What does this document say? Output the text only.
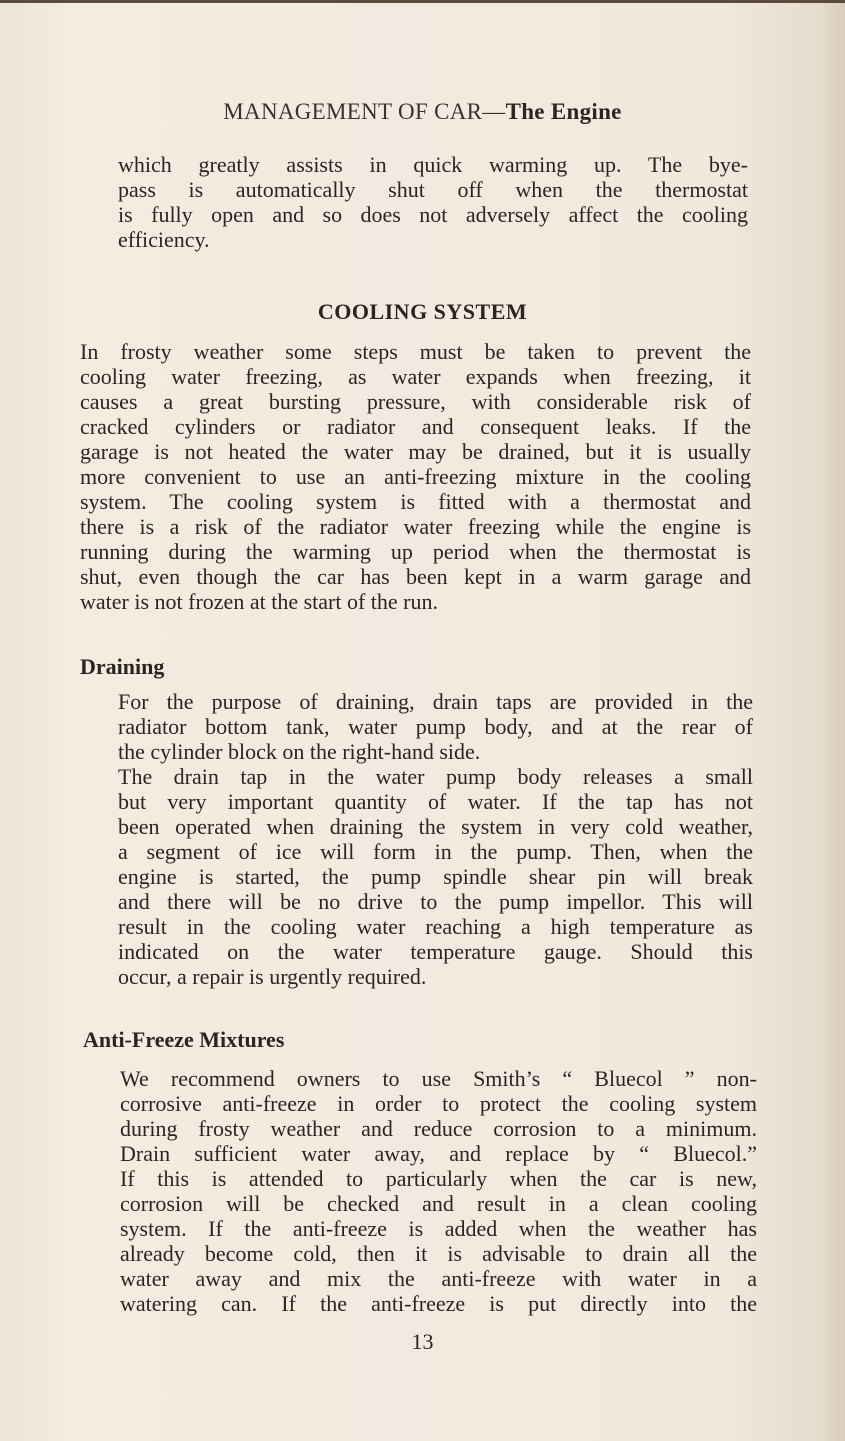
MANAGEMENT OF CAR—The Engine
which greatly assists in quick warming up. The bye-
pass is automatically shut off when the thermostat
is fully open and so does not adversely affect the cooling
efficiency.
COOLING SYSTEM
In frosty weather some steps must be taken to prevent the
cooling water freezing, as water expands when freezing, it
causes a great bursting pressure, with considerable risk of
cracked cylinders or radiator and consequent leaks. If the
garage is not heated the water may be drained, but it is usually
more convenient to use an anti-freezing mixture in the cooling
system. The cooling system is fitted with a thermostat and
there is a risk of the radiator water freezing while the engine is
running during the warming up period when the thermostat is
shut, even though the car has been kept in a warm garage and
water is not frozen at the start of the run.
Draining
For the purpose of draining, drain taps are provided in the
radiator bottom tank, water pump body, and at the rear of
the cylinder block on the right-hand side.
The drain tap in the water pump body releases a small
but very important quantity of water. If the tap has not
been operated when draining the system in very cold weather,
a segment of ice will form in the pump. Then, when the
engine is started, the pump spindle shear pin will break
and there will be no drive to the pump impellor. This will
result in the cooling water reaching a high temperature as
indicated on the water temperature gauge. Should this
occur, a repair is urgently required.
Anti-Freeze Mixtures
We recommend owners to use Smith’s “ Bluecol ” non-
corrosive anti-freeze in order to protect the cooling system
during frosty weather and reduce corrosion to a minimum.
Drain sufficient water away, and replace by “ Bluecol.”
If this is attended to particularly when the car is new,
corrosion will be checked and result in a clean cooling
system. If the anti-freeze is added when the weather has
already become cold, then it is advisable to drain all the
water away and mix the anti-freeze with water in a
watering can. If the anti-freeze is put directly into the
13
